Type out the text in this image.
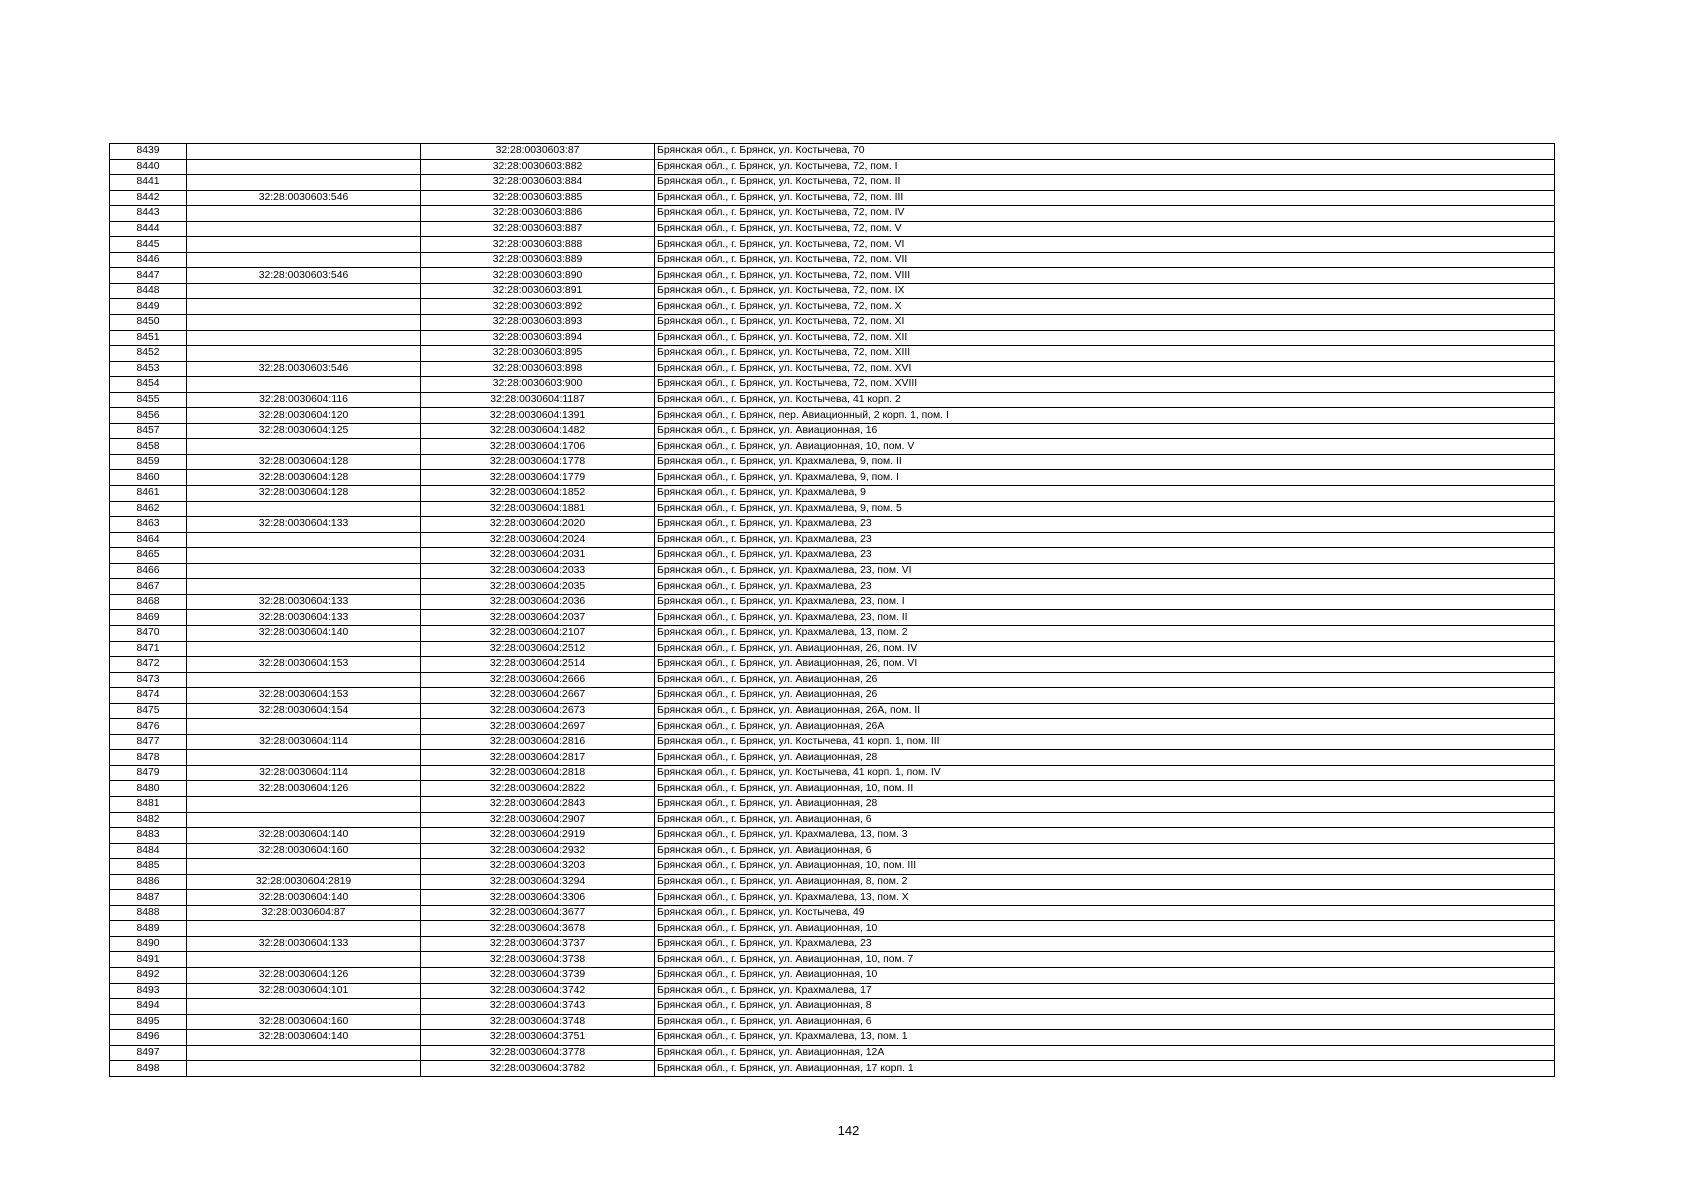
8439		32:28:0030603:87	Брянская обл., г. Брянск, ул. Костычева, 70
8440		32:28:0030603:882	Брянская обл., г. Брянск, ул. Костычева, 72, пом. I
8441		32:28:0030603:884	Брянская обл., г. Брянск, ул. Костычева, 72, пом. II
8442	32:28:0030603:546	32:28:0030603:885	Брянская обл., г. Брянск, ул. Костычева, 72, пом. III
8443		32:28:0030603:886	Брянская обл., г. Брянск, ул. Костычева, 72, пом. IV
8444		32:28:0030603:887	Брянская обл., г. Брянск, ул. Костычева, 72, пом. V
8445		32:28:0030603:888	Брянская обл., г. Брянск, ул. Костычева, 72, пом. VI
8446		32:28:0030603:889	Брянская обл., г. Брянск, ул. Костычева, 72, пом. VII
8447	32:28:0030603:546	32:28:0030603:890	Брянская обл., г. Брянск, ул. Костычева, 72, пом. VIII
8448		32:28:0030603:891	Брянская обл., г. Брянск, ул. Костычева, 72, пом. IX
8449		32:28:0030603:892	Брянская обл., г. Брянск, ул. Костычева, 72, пом. X
8450		32:28:0030603:893	Брянская обл., г. Брянск, ул. Костычева, 72, пом. XI
8451		32:28:0030603:894	Брянская обл., г. Брянск, ул. Костычева, 72, пом. XII
8452		32:28:0030603:895	Брянская обл., г. Брянск, ул. Костычева, 72, пом. XIII
8453	32:28:0030603:546	32:28:0030603:898	Брянская обл., г. Брянск, ул. Костычева, 72, пом. XVI
8454		32:28:0030603:900	Брянская обл., г. Брянск, ул. Костычева, 72, пом. XVIII
8455	32:28:0030604:116	32:28:0030604:1187	Брянская обл., г. Брянск, ул. Костычева, 41 корп. 2
8456	32:28:0030604:120	32:28:0030604:1391	Брянская обл., г. Брянск, пер. Авиационный, 2 корп. 1, пом. I
8457	32:28:0030604:125	32:28:0030604:1482	Брянская обл., г. Брянск, ул. Авиационная, 16
8458		32:28:0030604:1706	Брянская обл., г. Брянск, ул. Авиационная, 10, пом. V
8459	32:28:0030604:128	32:28:0030604:1778	Брянская обл., г. Брянск, ул. Крахмалева, 9, пом. II
8460	32:28:0030604:128	32:28:0030604:1779	Брянская обл., г. Брянск, ул. Крахмалева, 9, пом. I
8461	32:28:0030604:128	32:28:0030604:1852	Брянская обл., г. Брянск, ул. Крахмалева, 9
8462		32:28:0030604:1881	Брянская обл., г. Брянск, ул. Крахмалева, 9, пом. 5
8463	32:28:0030604:133	32:28:0030604:2020	Брянская обл., г. Брянск, ул. Крахмалева, 23
8464		32:28:0030604:2024	Брянская обл., г. Брянск, ул. Крахмалева, 23
8465		32:28:0030604:2031	Брянская обл., г. Брянск, ул. Крахмалева, 23
8466		32:28:0030604:2033	Брянская обл., г. Брянск, ул. Крахмалева, 23, пом. VI
8467		32:28:0030604:2035	Брянская обл., г. Брянск, ул. Крахмалева, 23
8468	32:28:0030604:133	32:28:0030604:2036	Брянская обл., г. Брянск, ул. Крахмалева, 23, пом. I
8469	32:28:0030604:133	32:28:0030604:2037	Брянская обл., г. Брянск, ул. Крахмалева, 23, пом. II
8470	32:28:0030604:140	32:28:0030604:2107	Брянская обл., г. Брянск, ул. Крахмалева, 13, пом. 2
8471		32:28:0030604:2512	Брянская обл., г. Брянск, ул. Авиационная, 26, пом. IV
8472	32:28:0030604:153	32:28:0030604:2514	Брянская обл., г. Брянск, ул. Авиационная, 26, пом. VI
8473		32:28:0030604:2666	Брянская обл., г. Брянск, ул. Авиационная, 26
8474	32:28:0030604:153	32:28:0030604:2667	Брянская обл., г. Брянск, ул. Авиационная, 26
8475	32:28:0030604:154	32:28:0030604:2673	Брянская обл., г. Брянск, ул. Авиационная, 26А, пом. II
8476		32:28:0030604:2697	Брянская обл., г. Брянск, ул. Авиационная, 26А
8477	32:28:0030604:114	32:28:0030604:2816	Брянская обл., г. Брянск, ул. Костычева, 41 корп. 1, пом. III
8478		32:28:0030604:2817	Брянская обл., г. Брянск, ул. Авиационная, 28
8479	32:28:0030604:114	32:28:0030604:2818	Брянская обл., г. Брянск, ул. Костычева, 41 корп. 1, пом. IV
8480	32:28:0030604:126	32:28:0030604:2822	Брянская обл., г. Брянск, ул. Авиационная, 10, пом. II
8481		32:28:0030604:2843	Брянская обл., г. Брянск, ул. Авиационная, 28
8482		32:28:0030604:2907	Брянская обл., г. Брянск, ул. Авиационная, 6
8483	32:28:0030604:140	32:28:0030604:2919	Брянская обл., г. Брянск, ул. Крахмалева, 13, пом. 3
8484	32:28:0030604:160	32:28:0030604:2932	Брянская обл., г. Брянск, ул. Авиационная, 6
8485		32:28:0030604:3203	Брянская обл., г. Брянск, ул. Авиационная, 10, пом. III
8486	32:28:0030604:2819	32:28:0030604:3294	Брянская обл., г. Брянск, ул. Авиационная, 8, пом. 2
8487	32:28:0030604:140	32:28:0030604:3306	Брянская обл., г. Брянск, ул. Крахмалева, 13, пом. X
8488	32:28:0030604:87	32:28:0030604:3677	Брянская обл., г. Брянск, ул. Костычева, 49
8489		32:28:0030604:3678	Брянская обл., г. Брянск, ул. Авиационная, 10
8490	32:28:0030604:133	32:28:0030604:3737	Брянская обл., г. Брянск, ул. Крахмалева, 23
8491		32:28:0030604:3738	Брянская обл., г. Брянск, ул. Авиационная, 10, пом. 7
8492	32:28:0030604:126	32:28:0030604:3739	Брянская обл., г. Брянск, ул. Авиационная, 10
8493	32:28:0030604:101	32:28:0030604:3742	Брянская обл., г. Брянск, ул. Крахмалева, 17
8494		32:28:0030604:3743	Брянская обл., г. Брянск, ул. Авиационная, 8
8495	32:28:0030604:160	32:28:0030604:3748	Брянская обл., г. Брянск, ул. Авиационная, 6
8496	32:28:0030604:140	32:28:0030604:3751	Брянская обл., г. Брянск, ул. Крахмалева, 13, пом. 1
8497		32:28:0030604:3778	Брянская обл., г. Брянск, ул. Авиационная, 12А
8498		32:28:0030604:3782	Брянская обл., г. Брянск, ул. Авиационная, 17 корп. 1
142
